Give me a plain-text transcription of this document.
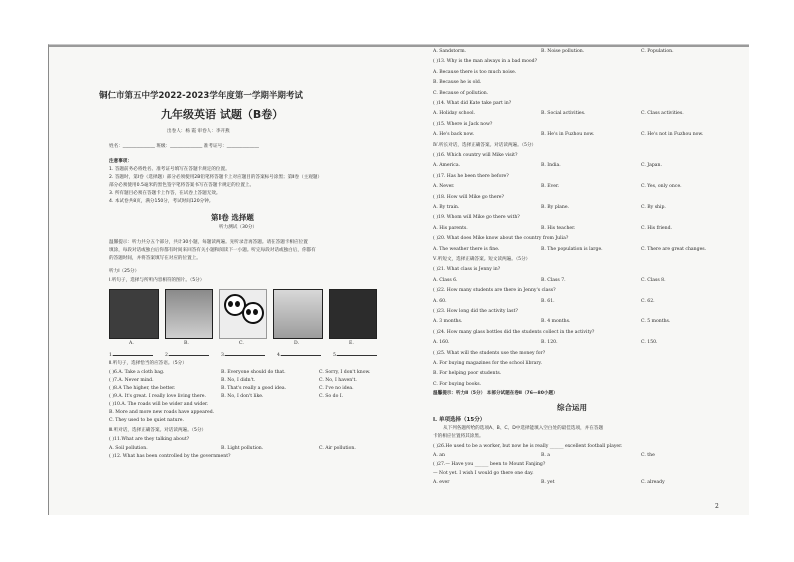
铜仁市第五中学2022-2023学年度第一学期半期考试
九年级英语 试题（B卷）
出卷人：杨 霞 审卷人：李开燕
姓名：______________ 班级：______________ 准考证号：______________
注意事项：
1. 答题前务必将姓名、准考证号填写在答题卡规定的位置。
2. 答题时，第Ⅰ卷（选择题）部分必须使用2B铅笔将答题卡上对应题目的答案标号涂黑；第Ⅱ卷（主观题）
部分必须使用0.5毫米的黑色签字笔将答案书写在答题卡规定的位置上。
3. 所有题目必须在答题卡上作答，在试卷上答题无效。
4. 本试卷共8页，满分150分，考试时间120分钟。
第Ⅰ卷 选择题
听力测试（30分）
温馨提示：听力共分五个部分，共计30小题，每题读两遍。先听录音再答题。请在答题卡相应位置
填涂，每段对话或独白后你都有时间来回答有关小题和阅读下一小题。听完每段对话或独白后，你都有
的答题时间，并将答案填写在对应的位置上。
听力Ⅰ（25分）
Ⅰ.听句子，选择与所听内容相符的图片。（5分）
A.	B.	C.	D.	E.
1.	2.	3.	4.	5.
Ⅱ.听句子，选择恰当的应答语。（5分）
( )6.A. Take a cloth bag.	B. Everyone should do that.	C. Sorry, I don't know.
( )7.A. Never mind.	B. No, I didn't.	C. No, I haven't.
( )8.A The higher, the better.	B. That's really a good idea.	C. I've no idea.
( )9.A. It's great. I really love living there.	B. No, I don't like.	C. So do I.
( )10.A. The roads will be wider and wider.
B. More and more new roads have appeared.
C. They used to be quiet nature.
Ⅲ.听对话，选择正确答案。对话读两遍。（5分）
( )11.What are they talking about?
A. Soil pollution.	B. Light pollution.	C. Air pollution.
( )12. What has been controlled by the government?
A. Sandstorm.	B. Noise pollution.	C. Population.
( )13. Why is the man always in a bad mood?
A. Because there is too much noise.
B. Because he is old.
C. Because of pollution.
( )14. What did Kate take part in?
A. Holiday school.	B. Social activities.	C. Class activities.
( )15. Where is Jack now?
A. He's back now.	B. He's in Fuzhou now.	C. He's not in Fuzhou now.
Ⅳ.听长对话，选择正确答案。对话读两遍。（5分）
( )16. Which country will Mike visit?
A. America.	B. India.	C. Japan.
( )17. Has he been there before?
A. Never.	B. Ever.	C. Yes, only once.
( )18. How will Mike go there?
A. By train.	B. By plane.	C. By ship.
( )19. Whom will Mike go there with?
A. His parents.	B. His teacher.	C. His friend.
( )20. What does Mike know about the country from Julia?
A. The weather there is fine.	B. The population is large.	C. There are great changes.
Ⅴ.听短文，选择正确答案。短文读两遍。（5分）
( )21. What class is Jenny in?
A. Class 6.	B. Class 7.	C. Class 8.
( )22. How many students are there in Jenny's class?
A. 60.	B. 61.	C. 62.
( )23. How long did the activity last?
A. 3 months.	B. 4 months.	C. 5 months.
( )24. How many glass bottles did the students collect in the activity?
A. 160.	B. 120.	C. 150.
( )25. What will the students use the money for?
A. For buying magazines for the school library.
B. For helping poor students.
C. For buying books.
温馨提示：听力Ⅱ（5分） 本部分试题在卷Ⅱ（76—80小题）
综合运用
Ⅰ. 单项选择（15分）
从下列各题所给的选项A、B、C、D中选择能填入空白处的最佳选项，并在答题
卡的相应位置将其涂黑。
( )26.He used to be a worker, but now he is really ______ excellent football player.
A. an	B. a	C. the
( )27.— Have you ______ been to Mount Fanjing?
— Not yet. I wish I would go there one day.
A. ever	B. yet	C. already
2
